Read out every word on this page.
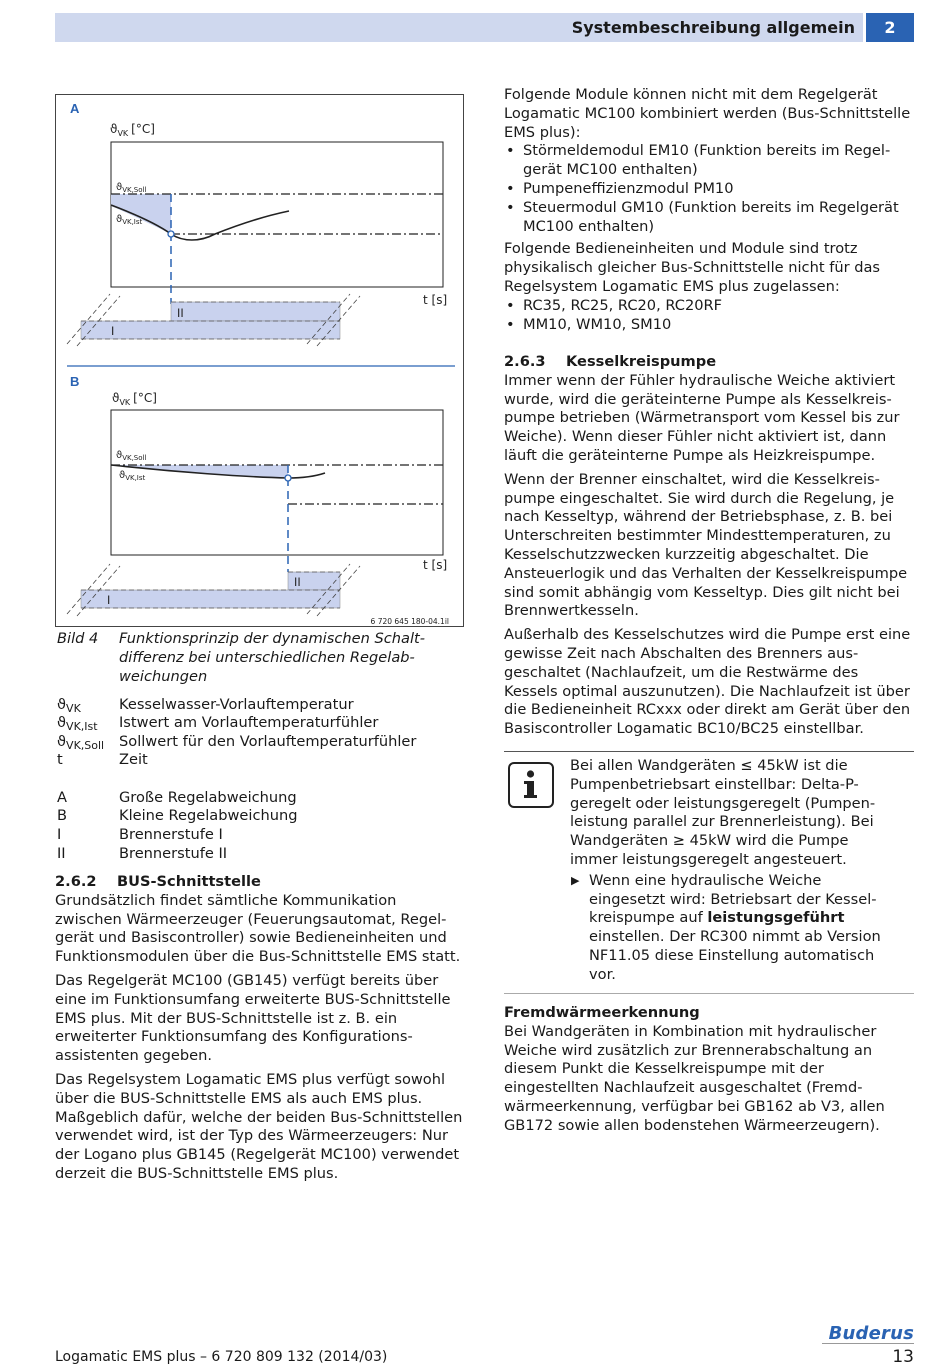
Systembeschreibung allgemein	2
A
$ϑ_{VK}$ [°C]
$ϑ_{VK,Soll}$
$ϑ_{VK,Ist}$
t [s]
II
I
B
$ϑ_{VK}$ [°C]
$ϑ_{VK,Soll}$
$ϑ_{VK,Ist}$
t [s]
II
I
6 720 645 180-04.1il
Bild 4 Funktionsprinzip der dynamischen Schaltdifferenz bei unterschiedlichen Regelabweichungen
$ϑ_{VK}$	Kesselwasser-Vorlauftemperatur
$ϑ_{VK,Ist}$ Istwert am Vorlauftemperaturfühler
$ϑ_{VK,Soll}$ Sollwert für den Vorlauftemperaturfühler
t	Zeit
A	Große Regelabweichung
B	Kleine Regelabweichung
I	Brennerstufe I
II	Brennerstufe II
2.6.2 BUS-Schnittstelle

Grundsätzlich findet sämtliche Kommunikation zwischen Wärmeerzeuger (Feuerungsautomat, Regelgerät und Basiscontroller) sowie Bedieneinheiten und Funktionsmodulen über die Bus-Schnittstelle EMS statt.

Das Regelgerät MC100 (GB145) verfügt bereits über eine im Funktionsumfang erweiterte BUS-Schnittstelle EMS plus. Mit der BUS-Schnittstelle ist z. B. ein erweiterter Funktionsumfang des Konfigurationsassistenten gegeben.

Das Regelsystem Logamatic EMS plus verfügt sowohl über die BUS-Schnittstelle EMS als auch EMS plus. Maßgeblich dafür, welche der beiden Bus-Schnittstellen verwendet wird, ist der Typ des Wärmeerzeugers: Nur der Logano plus GB145 (Regelgerät MC100) verwendet derzeit die BUS-Schnittstelle EMS plus.

Folgende Module können nicht mit dem Regelgerät Logamatic MC100 kombiniert werden (Bus-Schnittstelle EMS plus):

• Störmeldemodul EM10 (Funktion bereits im Regelgerät MC100 enthalten)
• Pumpeneffizienzmodul PM10
• Steuermodul GM10 (Funktion bereits im Regelgerät MC100 enthalten)

Folgende Bedieneinheiten und Module sind trotz physikalisch gleicher Bus-Schnittstelle nicht für das Regelsystem Logamatic EMS plus zugelassen:

• RC35, RC25, RC20, RC20RF
• MM10, WM10, SM10
2.6.3 Kesselkreispumpe

Immer wenn der Fühler hydraulische Weiche aktiviert wurde, wird die geräteinterne Pumpe als Kesselkreispumpe betrieben (Wärmetransport vom Kessel bis zur Weiche). Wenn dieser Fühler nicht aktiviert ist, dann läuft die geräteinterne Pumpe als Heizkreispumpe.

Wenn der Brenner einschaltet, wird die Kesselkreispumpe eingeschaltet. Sie wird durch die Regelung, je nach Kesseltyp, während der Betriebsphase, z. B. bei Unterschreiten bestimmter Mindesttemperaturen, zu Kesselschutzzwecken kurzzeitig abgeschaltet. Die Ansteuerlogik und das Verhalten der Kesselkreispumpe sind somit abhängig vom Kesseltyp. Dies gilt nicht bei Brennwertkesseln.

Außerhalb des Kesselschutzes wird die Pumpe erst eine gewisse Zeit nach Abschalten des Brenners ausgeschaltet (Nachlaufzeit, um die Restwärme des Kessels optimal auszunutzen). Die Nachlaufzeit ist über die Bedieneinheit RCxxx oder direkt am Gerät über den Basiscontroller Logamatic BC10/BC25 einstellbar.

Bei allen Wandgeräten ≤ 45kW ist die Pumpenbetriebsart einstellbar: Delta-P-geregelt oder leistungsgeregelt (Pumpenleistung parallel zur Brennerleistung). Bei Wandgeräten ≥ 45kW wird die Pumpe immer leistungsgeregelt angesteuert.

▶ Wenn eine hydraulische Weiche eingesetzt wird: Betriebsart der Kesselkreispumpe auf leistungsgeführt einstellen. Der RC300 nimmt ab Version NF11.05 diese Einstellung automatisch vor.
Fremdwärmeerkennung

Bei Wandgeräten in Kombination mit hydraulischer Weiche wird zusätzlich zur Brennerabschaltung an diesem Punkt die Kesselkreispumpe mit der eingestellten Nachlaufzeit ausgeschaltet (Fremdwärmeerkennung, verfügbar bei GB162 ab V3, allen GB172 sowie allen bodenstehen Wärmeerzeugern).

Buderus
Logamatic EMS plus – 6 720 809 132 (2014/03)	13
